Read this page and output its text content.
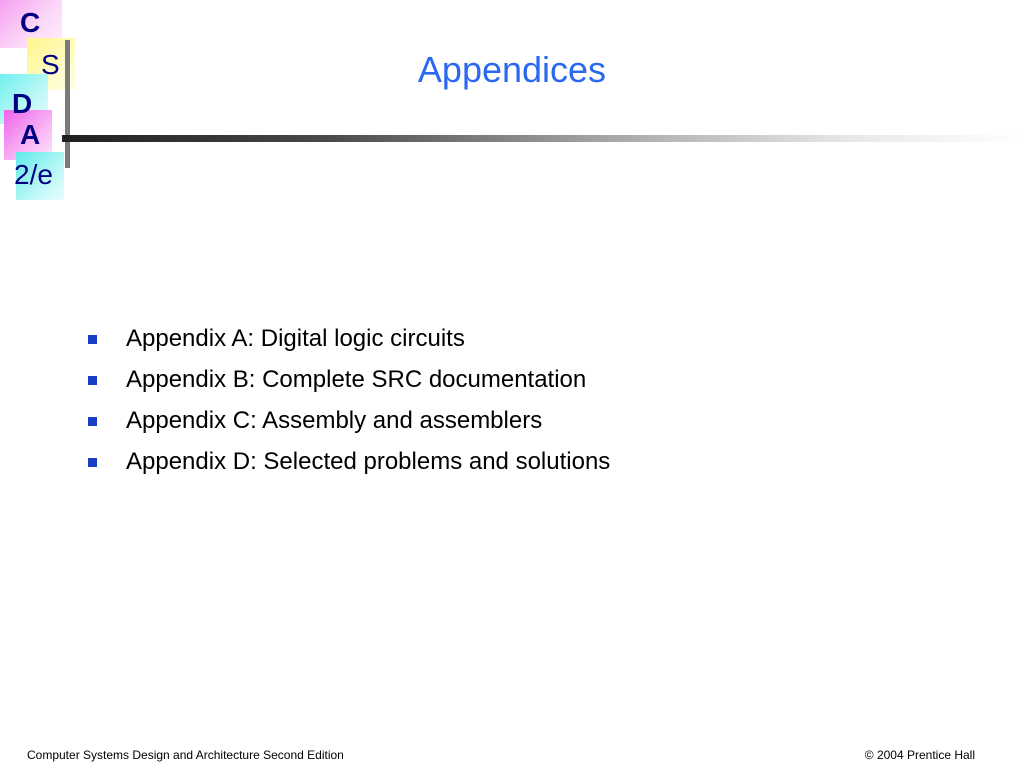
C
S
D
A
2/e
Appendices
Appendix A: Digital logic circuits
Appendix B: Complete SRC documentation
Appendix C: Assembly and assemblers
Appendix D: Selected problems and solutions
Computer Systems Design and Architecture Second Edition	© 2004 Prentice Hall
